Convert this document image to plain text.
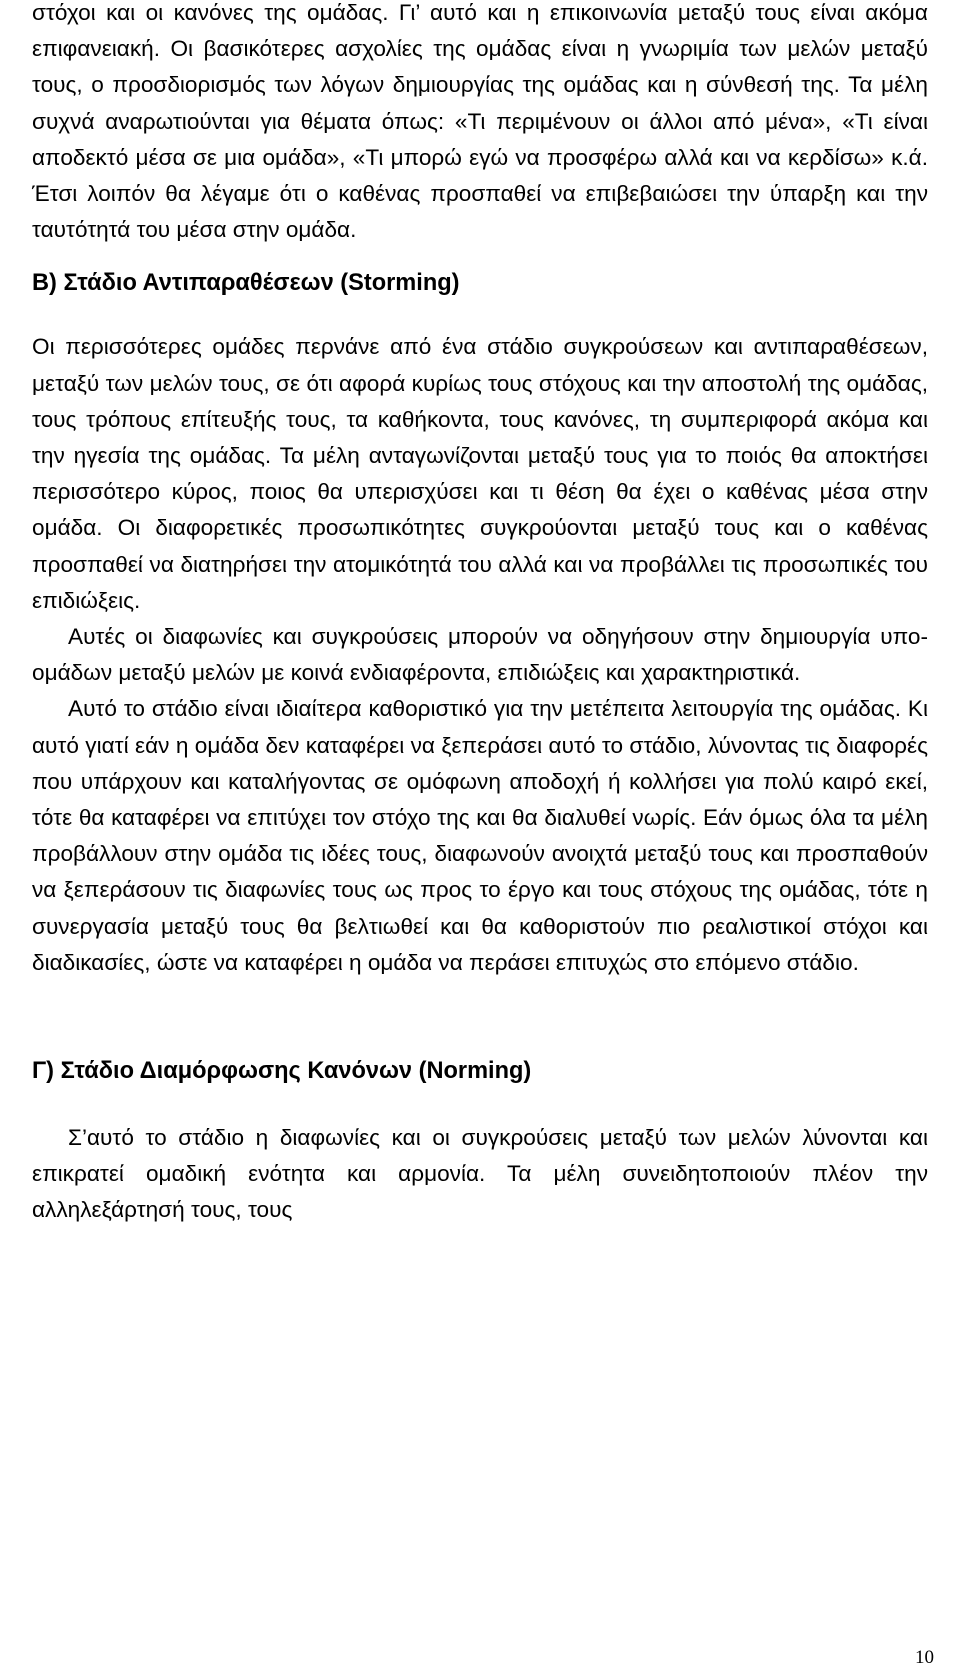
στόχοι και οι κανόνες της ομάδας. Γι’ αυτό και η επικοινωνία μεταξύ τους είναι ακόμα επιφανειακή. Οι βασικότερες ασχολίες της ομάδας είναι η γνωριμία των μελών μεταξύ τους, ο προσδιορισμός των λόγων δημιουργίας της ομάδας και η σύνθεσή της. Τα μέλη συχνά αναρωτιούνται για θέματα όπως: «Τι περιμένουν οι άλλοι από μένα», «Τι είναι αποδεκτό μέσα σε μια ομάδα», «Τι μπορώ εγώ να προσφέρω αλλά και να κερδίσω» κ.ά. Έτσι λοιπόν θα λέγαμε ότι ο καθένας προσπαθεί να επιβεβαιώσει την ύπαρξη και την ταυτότητά του μέσα στην ομάδα.

Β) Στάδιο Αντιπαραθέσεων (Storming)

Οι περισσότερες ομάδες περνάνε από ένα στάδιο συγκρούσεων και αντιπαραθέσεων, μεταξύ των μελών τους, σε ότι αφορά κυρίως τους στόχους και την αποστολή της ομάδας, τους τρόπους επίτευξής τους, τα καθήκοντα, τους κανόνες, τη συμπεριφορά ακόμα και την ηγεσία της ομάδας. Τα μέλη ανταγωνίζονται μεταξύ τους για το ποιός θα αποκτήσει περισσότερο κύρος, ποιος θα υπερισχύσει και τι θέση θα έχει ο καθένας μέσα στην ομάδα. Οι διαφορετικές προσωπικότητες συγκρούονται μεταξύ τους και ο καθένας προσπαθεί να διατηρήσει την ατομικότητά του αλλά και να προβάλλει τις προσωπικές του επιδιώξεις.

Αυτές οι διαφωνίες και συγκρούσεις μπορούν να οδηγήσουν στην δημιουργία υπο-ομάδων μεταξύ μελών με κοινά ενδιαφέροντα, επιδιώξεις και χαρακτηριστικά.

Αυτό το στάδιο είναι ιδιαίτερα καθοριστικό για την μετέπειτα λειτουργία της ομάδας. Κι αυτό γιατί εάν η ομάδα δεν καταφέρει να ξεπεράσει αυτό το στάδιο, λύνοντας τις διαφορές που υπάρχουν και καταλήγοντας σε ομόφωνη αποδοχή ή κολλήσει για πολύ καιρό εκεί, τότε θα καταφέρει να επιτύχει τον στόχο της και θα διαλυθεί νωρίς. Εάν όμως όλα τα μέλη προβάλλουν στην ομάδα τις ιδέες τους, διαφωνούν ανοιχτά μεταξύ τους και προσπαθούν να ξεπεράσουν τις διαφωνίες τους ως προς το έργο και τους στόχους της ομάδας, τότε η συνεργασία μεταξύ τους θα βελτιωθεί και θα καθοριστούν πιο ρεαλιστικοί στόχοι και διαδικασίες, ώστε να καταφέρει η ομάδα να περάσει επιτυχώς στο επόμενο στάδιο.

Γ) Στάδιο Διαμόρφωσης Κανόνων (Norming)

Σ’αυτό το στάδιο η διαφωνίες και οι συγκρούσεις μεταξύ των μελών λύνονται και επικρατεί ομαδική ενότητα και αρμονία. Τα μέλη συνειδητοποιούν πλέον την αλληλεξάρτησή τους, τους

10
